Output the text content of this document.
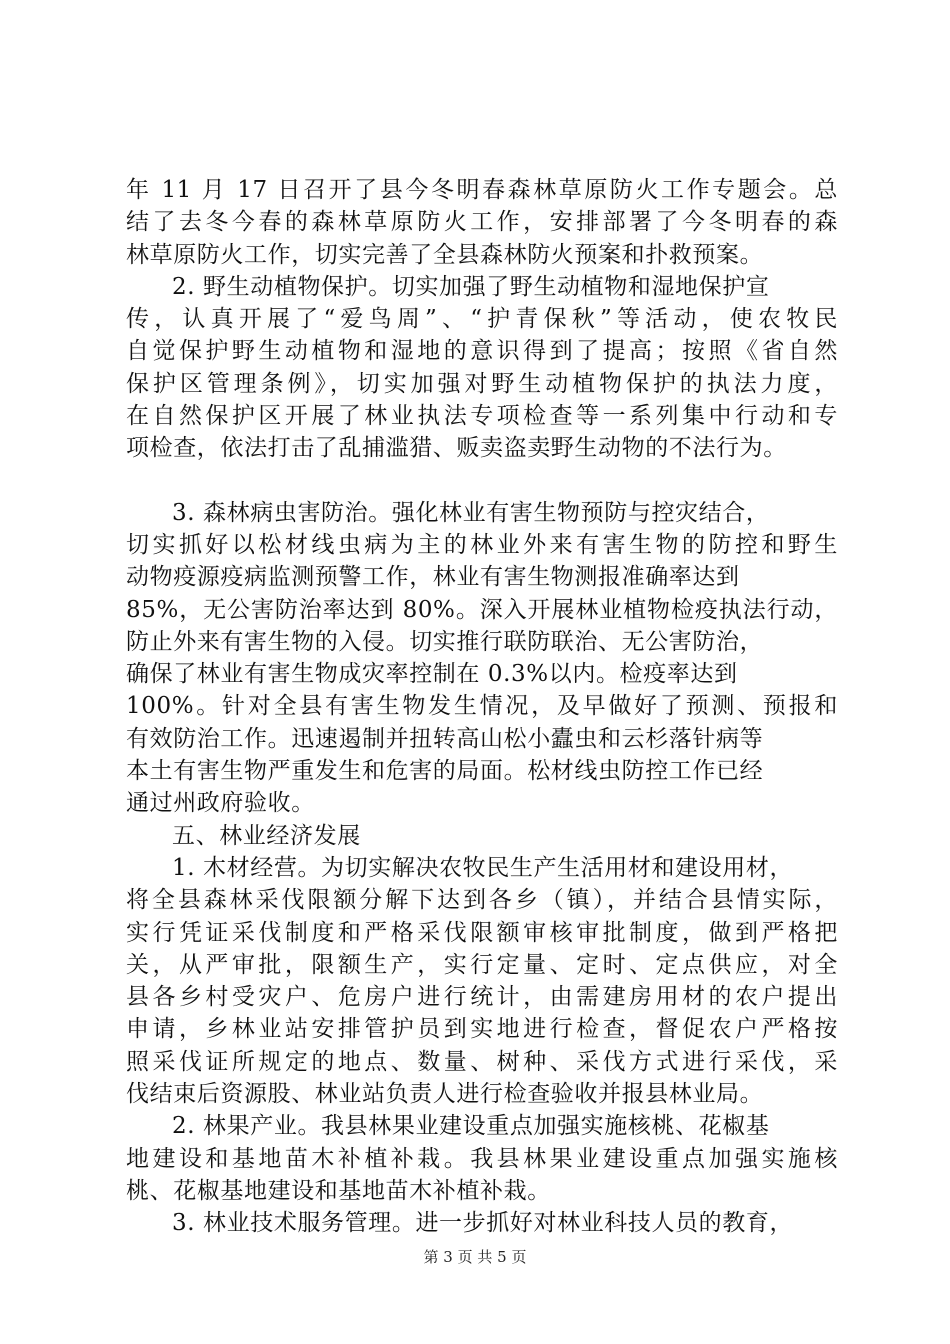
年 11 月 17 日召开了县今冬明春森林草原防火工作专题会。总
结了去冬今春的森林草原防火工作，安排部署了今冬明春的森
林草原防火工作，切实完善了全县森林防火预案和扑救预案。
2. 野生动植物保护。切实加强了野生动植物和湿地保护宣
传，认真开展了“爱鸟周”、“护青保秋”等活动，使农牧民
自觉保护野生动植物和湿地的意识得到了提高；按照《省自然
保护区管理条例》，切实加强对野生动植物保护的执法力度，
在自然保护区开展了林业执法专项检查等一系列集中行动和专
项检查，依法打击了乱捕滥猎、贩卖盗卖野生动物的不法行为。
3. 森林病虫害防治。强化林业有害生物预防与控灾结合，
切实抓好以松材线虫病为主的林业外来有害生物的防控和野生
动物疫源疫病监测预警工作，林业有害生物测报准确率达到
85%，无公害防治率达到 80%。深入开展林业植物检疫执法行动，
防止外来有害生物的入侵。切实推行联防联治、无公害防治，
确保了林业有害生物成灾率控制在 0.3%以内。检疫率达到
100%。针对全县有害生物发生情况，及早做好了预测、预报和
有效防治工作。迅速遏制并扭转高山松小蠹虫和云杉落针病等
本土有害生物严重发生和危害的局面。松材线虫防控工作已经
通过州政府验收。
五、林业经济发展
1. 木材经营。为切实解决农牧民生产生活用材和建设用材，
将全县森林采伐限额分解下达到各乡（镇），并结合县情实际，
实行凭证采伐制度和严格采伐限额审核审批制度，做到严格把
关，从严审批，限额生产，实行定量、定时、定点供应，对全
县各乡村受灾户、危房户进行统计，由需建房用材的农户提出
申请，乡林业站安排管护员到实地进行检查，督促农户严格按
照采伐证所规定的地点、数量、树种、采伐方式进行采伐，采
伐结束后资源股、林业站负责人进行检查验收并报县林业局。
2. 林果产业。我县林果业建设重点加强实施核桃、花椒基
地建设和基地苗木补植补栽。我县林果业建设重点加强实施核
桃、花椒基地建设和基地苗木补植补栽。
3. 林业技术服务管理。进一步抓好对林业科技人员的教育，
第 3 页 共 5 页
